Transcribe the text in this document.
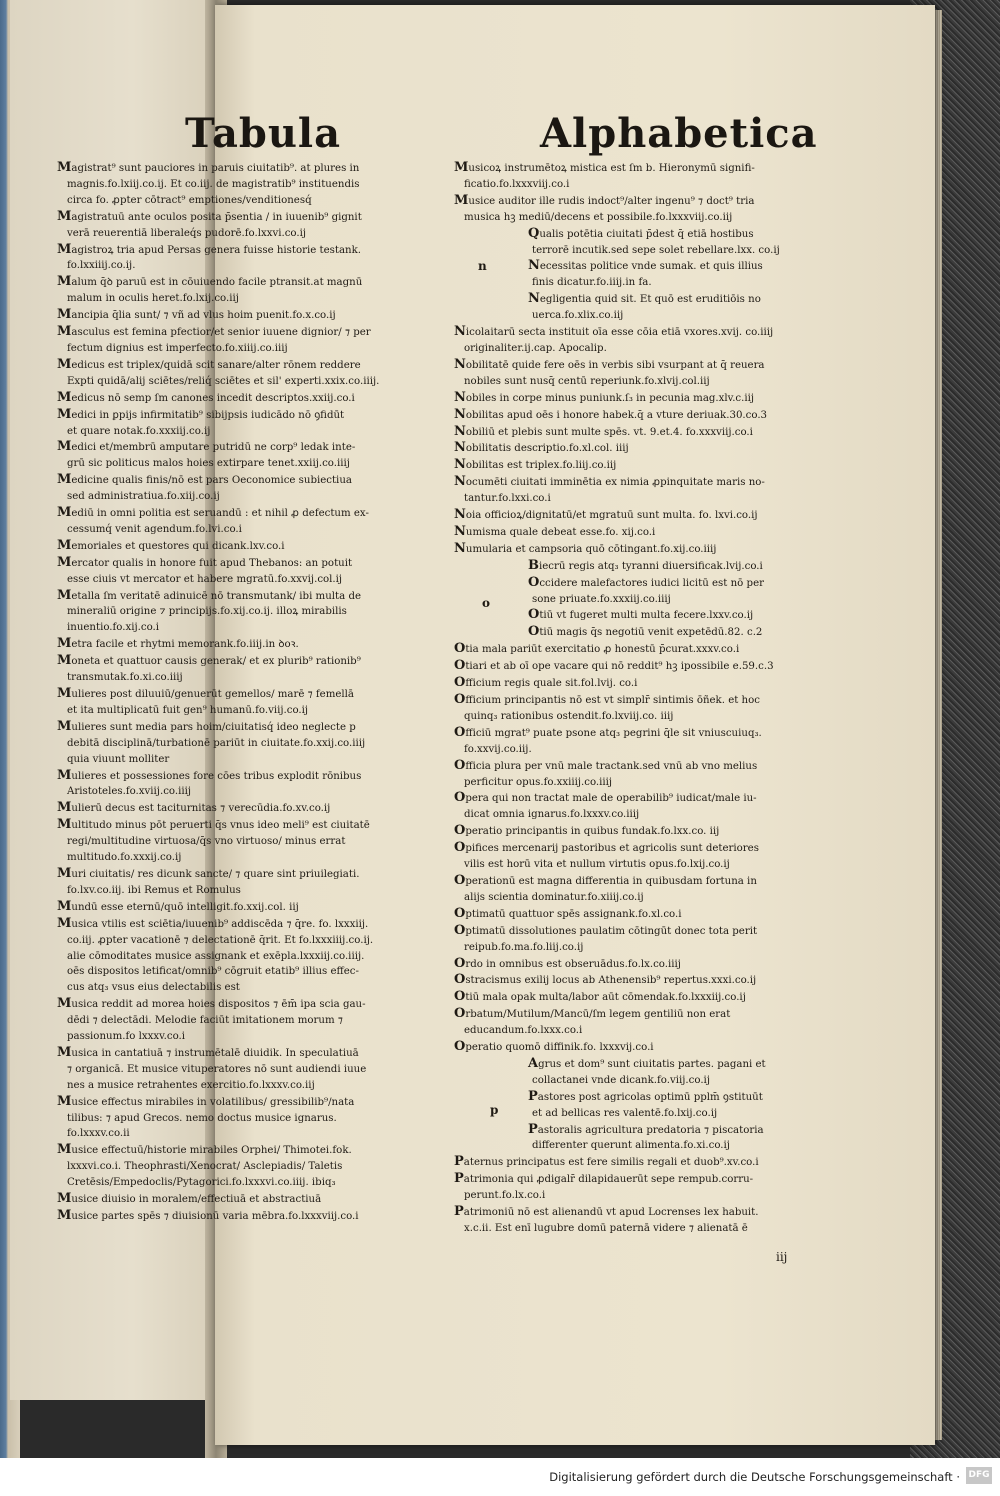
Tabula	Alphabetica
Magistrat⁹ sunt pauciores in paruis ciuitatib⁹. at plures in
magnis.fo.lxiij.co.ij. Et co.iij. de magistratib⁹ instituendis
circa fo. ꝓpter cōtract⁹ emptiones/venditionesq́
Magistratuū ante oculos posita p̄sentia / in iuuenib⁹ gignit
verā reuerentiā liberaleq́s pudorē.fo.lxxvi.co.ij
Magistroꝝ tria apud Persas genera fuisse historie testank.
fo.lxxiiij.co.ij.
Malum q̄ꝺ paruū est in cōuiuendo facile ptransit.at magnū
malum in oculis heret.fo.lxij.co.iij
Mancipia q̄lia sunt/ ⁊ vñ ad vlus hoim puenit.fo.x.co.ij
Masculus est femina pfectior/et senior iuuene dignior/ ⁊ per
fectum dignius est imperfecto.fo.xiiij.co.iiij
Medicus est triplex/quidā scit sanare/alter rōnem reddere
Expti quidā/alij sciētes/reliq́ sciētes et sil' experti.xxix.co.iiij.
Medicus nō semp ſm canones incedit descriptos.xxiij.co.i
Medici in ꝑpijs infirmitatib⁹ sibijpsis iudicādo nō ꝯfidūt
et quare notak.fo.xxxiij.co.ij
Medici et/membrū amputare putridū ne corp⁹ ledak inte-
grū sic politicus malos hoies extirpare tenet.xxiij.co.iiij
Medicine qualis finis/nō est pars Oeconomice subiectiua
sed administratiua.fo.xiij.co.ij
Mediū in omni politia est seruandū : et nihil ꝓ defectum ex-
cessumq́ venit agendum.fo.lvi.co.i
Memoriales et questores qui dicank.lxv.co.i
Mercator qualis in honore fuit apud Thebanos: an potuit
esse ciuis vt mercator et habere mgratū.fo.xxvij.col.ij
Metalla ſm veritatē adinuicē nō transmutank/ ibi multa de
mineraliū origine ⁊ principijs.fo.xij.co.ij. illoꝝ mirabilis
inuentio.fo.xij.co.i
Metra facile et rhytmi memorank.fo.iiij.in ꝺoꝛ.
Moneta et quattuor causis generak/ et ex plurib⁹ rationib⁹
transmutak.fo.xi.co.iiij
Mulieres post diluuiū/genuerūt gemellos/ marē ⁊ femellā
et ita multiplicatū fuit gen⁹ humanū.fo.viij.co.ij
Mulieres sunt media pars hoim/ciuitatisq́ ideo neglecte p
debitā disciplinā/turbationē pariūt in ciuitate.fo.xxij.co.iiij
quia viuunt molliter
Mulieres et possessiones fore cōes tribus explodit rōnibus
Aristoteles.fo.xviij.co.iiij
Mulierū decus est taciturnitas ⁊ verecūdia.fo.xv.co.ij
Multitudo minus pōt peruerti q̄s vnus ideo meli⁹ est ciuitatē
regi/multitudine virtuosa/q̄s vno virtuoso/ minus errat
multitudo.fo.xxxij.co.ij
Muri ciuitatis/ res dicunk sancte/ ⁊ quare sint priuilegiati.
fo.lxv.co.iij. ibi Remus et Romulus
Mundū esse eternū/quō intelligit.fo.xxij.col. iij
Musica vtilis est sciētia/iuuenib⁹ addiscēda ⁊ q̄re. fo. lxxxiij.
co.iij. ꝓpter vacationē ⁊ delectationē q̄rit. Et fo.lxxxiiij.co.ij.
alie cōmoditates musice assignank et exēpla.lxxxiij.co.iiij.
oēs dispositos letificat/omnib⁹ cōgruit etatib⁹ illius effec-
cus atq₃ vsus eius delectabilis est
Musica reddit ad morea hoies dispositos ⁊ ēm̄ ipa scia gau-
dēdi ⁊ delectādi. Melodie faciūt imitationem morum ⁊
passionum.fo lxxxv.co.i
Musica in cantatiuā ⁊ instrumētalē diuidik. In speculatiuā
⁊ organicā. Et musice vituperatores nō sunt audiendi iuue
nes a musice retrahentes exercitio.fo.lxxxv.co.iij
Musice effectus mirabiles in volatilibus/ gressibilib⁹/nata
tilibus: ⁊ apud Grecos. nemo doctus musice ignarus.
fo.lxxxv.co.ii
Musice effectuū/historie mirabiles Orphei/ Thimotei.fok.
lxxxvi.co.i. Theophrasti/Xenocrat/ Asclepiadis/ Taletis
Cretēsis/Empedoclis/Pytagorici.fo.lxxxvi.co.iiij. ibiq₃
Musice diuisio in moralem/effectiuā et abstractiuā
Musice partes spēs ⁊ diuisionū varia mēbra.fo.lxxxviij.co.i
Musicoꝝ instrumētoꝝ mistica est ſm b. Hieronymū signifi-
ficatio.fo.lxxxviij.co.i
Musice auditor ille rudis indoct⁹/alter ingenu⁹ ⁊ doct⁹ tria
musica hꝫ mediū/decens et possibile.fo.lxxxviij.co.iij
Qualis potētia ciuitati p̄dest q̄ etiā hostibus
terrorē incutik.sed sepe solet rebellare.lxx. co.ij
Necessitas politice vnde sumak. et quis illius
finis dicatur.fo.iiij.in fa.
Negligentia quid sit. Et quō est eruditiōis no
uerca.fo.xlix.co.iij
Nicolaitarū secta instituit oīa esse cōia etiā vxores.xvij. co.iiij
originaliter.ij.cap. Apocalip.
Nobilitatē quide fere oēs in verbis sibi vsurpant at q̄ reuera
nobiles sunt nusq̄ centū reperiunk.fo.xlvij.col.iij
Nobiles in corpe minus puniunk.ſ₃ in pecunia mag.xlv.c.iij
Nobilitas apud oēs i honore habek.q̄ a vture deriuak.30.co.3
Nobiliū et plebis sunt multe spēs. vt. 9.et.4. fo.xxxviij.co.i
Nobilitatis descriptio.fo.xl.col. iiij
Nobilitas est triplex.fo.liij.co.iij
Nocumēti ciuitati imminētia ex nimia ꝓpinquitate maris no-
tantur.fo.lxxi.co.i
Noia officioꝝ/dignitatū/et mgratuū sunt multa. fo. lxvi.co.ij
Numisma quale debeat esse.fo. xij.co.i
Numularia et campsoria quō cōtingant.fo.xij.co.iiij
Biecrū regis atq₃ tyranni diuersificak.lvij.co.i
Occidere malefactores iudici licitū est nō per
sone priuate.fo.xxxiij.co.iiij
Otiū vt fugeret multi multa fecere.lxxv.co.ij
Otiū magis q̄s negotiū venit expetēdū.82. c.2
Otia mala pariūt exercitatio ꝓ honestū p̄curat.xxxv.co.i
Otiari et ab oī ope vacare qui nō reddit⁹ hꝫ ipossibile e.59.c.3
Officium regis quale sit.fol.lvij. co.i
Officium principantis nō est vt simplr̄ sintimis ōñek. et hoc
quinq₃ rationibus ostendit.fo.lxviij.co. iiij
Officiū mgrat⁹ puate psone atq₃ pegrini q̄le sit vniuscuiuq₃.
fo.xxvij.co.iij.
Officia plura per vnū male tractank.sed vnū ab vno melius
perficitur opus.fo.xxiiij.co.iiij
Opera qui non tractat male de operabilib⁹ iudicat/male iu-
dicat omnia ignarus.fo.lxxxv.co.iiij
Operatio principantis in quibus fundak.fo.lxx.co. iij
Opifices mercenarij pastoribus et agricolis sunt deteriores
vilis est horū vita et nullum virtutis opus.fo.lxij.co.ij
Operationū est magna differentia in quibusdam fortuna in
alijs scientia dominatur.fo.xiiij.co.ij
Optimatū quattuor spēs assignank.fo.xl.co.i
Optimatū dissolutiones paulatim cōtingūt donec tota perit
reipub.fo.ma.fo.liij.co.ij
Ordo in omnibus est obseruādus.fo.lx.co.iiij
Ostracismus exilij locus ab Athenensib⁹ repertus.xxxi.co.ij
Otiū mala opak multa/labor aūt cōmendak.fo.lxxxiij.co.ij
Orbatum/Mutilum/Mancū/ſm legem gentiliū non erat
educandum.fo.lxxx.co.i
Operatio quomō diffinik.fo. lxxxvij.co.i
Agrus et dom⁹ sunt ciuitatis partes. pagani et
collactanei vnde dicank.fo.viij.co.ij
Pastores post agricolas optimū pplm̄ ꝯstituūt
et ad bellicas res valentē.fo.lxij.co.ij
Pastoralis agricultura predatoria ⁊ piscatoria
differenter querunt alimenta.fo.xi.co.ij
Paternus principatus est fere similis regali et duob⁹.xv.co.i
Patrimonia qui ꝓdigalr̄ dilapidauerūt sepe rempub.corru-
perunt.fo.lx.co.i
Patrimoniū nō est alienandū vt apud Locrenses lex habuit.
x.c.ii. Est enī lugubre domū paternā videre ⁊ alienatā ē
n
o
p
iij
Digitalisierung gefördert durch die Deutsche Forschungsgemeinschaft · DFG
